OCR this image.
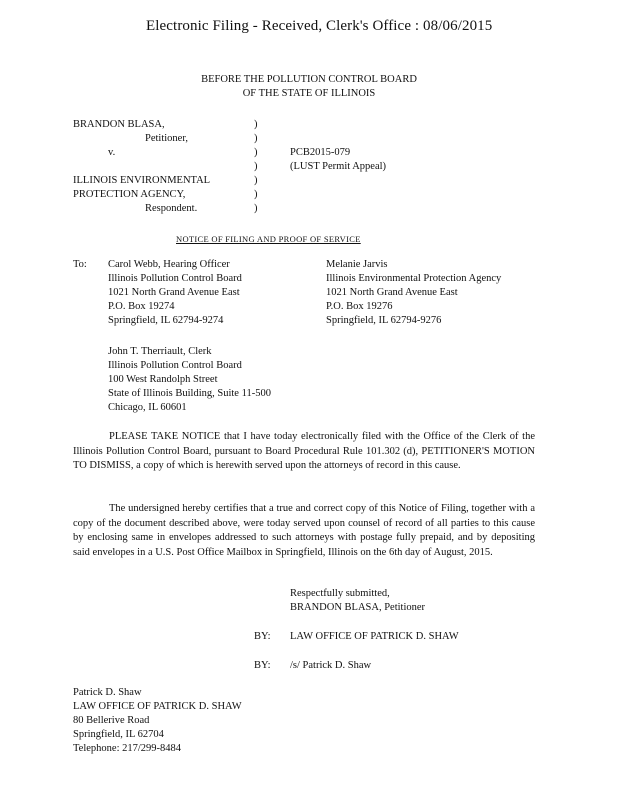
Electronic Filing - Received, Clerk's Office : 08/06/2015
BEFORE THE POLLUTION CONTROL BOARD
OF THE STATE OF ILLINOIS
BRANDON BLASA,
Petitioner,
v.
ILLINOIS ENVIRONMENTAL
PROTECTION AGENCY,
Respondent.
)
)
)
)
)
)
)
PCB2015-079
(LUST Permit Appeal)
NOTICE OF FILING AND PROOF OF SERVICE
To: Carol Webb, Hearing Officer
Illinois Pollution Control Board
1021 North Grand Avenue East
P.O. Box 19274
Springfield, IL 62794-9274
Melanie Jarvis
Illinois Environmental Protection Agency
1021 North Grand Avenue East
P.O. Box 19276
Springfield, IL 62794-9276
John T. Therriault, Clerk
Illinois Pollution Control Board
100 West Randolph Street
State of Illinois Building, Suite 11-500
Chicago, IL 60601
PLEASE TAKE NOTICE that I have today electronically filed with the Office of the Clerk of the Illinois Pollution Control Board, pursuant to Board Procedural Rule 101.302 (d), PETITIONER'S MOTION TO DISMISS, a copy of which is herewith served upon the attorneys of record in this cause.
The undersigned hereby certifies that a true and correct copy of this Notice of Filing, together with a copy of the document described above, were today served upon counsel of record of all parties to this cause by enclosing same in envelopes addressed to such attorneys with postage fully prepaid, and by depositing said envelopes in a U.S. Post Office Mailbox in Springfield, Illinois on the 6th day of August, 2015.
Respectfully submitted,
BRANDON BLASA, Petitioner
BY: LAW OFFICE OF PATRICK D. SHAW
BY: /s/ Patrick D. Shaw
Patrick D. Shaw
LAW OFFICE OF PATRICK D. SHAW
80 Bellerive Road
Springfield, IL 62704
Telephone: 217/299-8484
